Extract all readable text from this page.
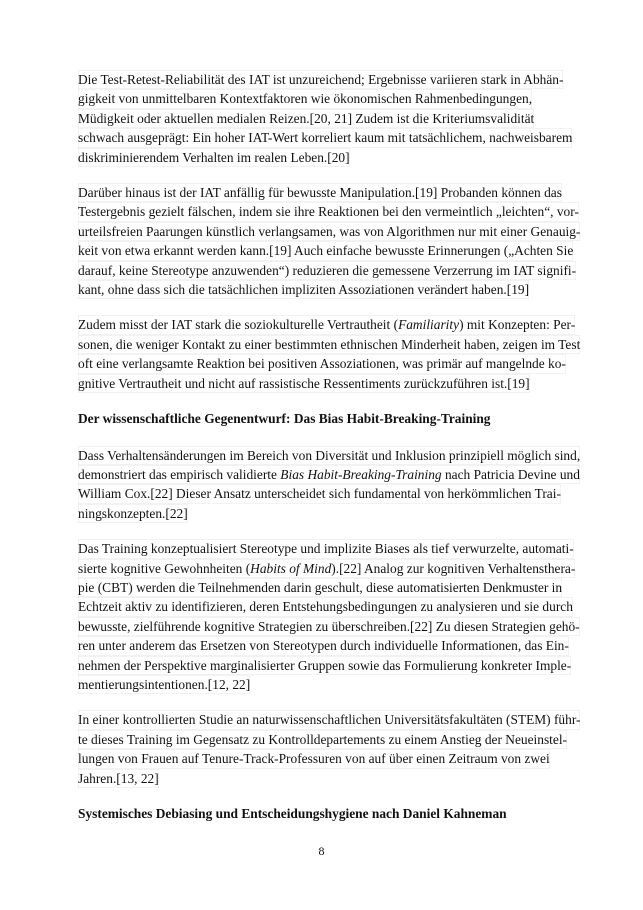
Die Test-Retest-Reliabilität des IAT ist unzureichend; Ergebnisse variieren stark in Abhän-
gigkeit von unmittelbaren Kontextfaktoren wie ökonomischen Rahmenbedingungen,
Müdigkeit oder aktuellen medialen Reizen.[20, 21] Zudem ist die Kriteriumsvalidität
schwach ausgeprägt: Ein hoher IAT-Wert korreliert kaum mit tatsächlichem, nachweisbarem
diskriminierendem Verhalten im realen Leben.[20]
Darüber hinaus ist der IAT anfällig für bewusste Manipulation.[19] Probanden können das
Testergebnis gezielt fälschen, indem sie ihre Reaktionen bei den vermeintlich „leichten“, vor-
urteilsfreien Paarungen künstlich verlangsamen, was von Algorithmen nur mit einer Genauig-
keit von etwa erkannt werden kann.[19] Auch einfache bewusste Erinnerungen („Achten Sie
darauf, keine Stereotype anzuwenden“) reduzieren die gemessene Verzerrung im IAT signifi-
kant, ohne dass sich die tatsächlichen impliziten Assoziationen verändert haben.[19]
Zudem misst der IAT stark die soziokulturelle Vertrautheit (Familiarity) mit Konzepten: Per-
sonen, die weniger Kontakt zu einer bestimmten ethnischen Minderheit haben, zeigen im Test
oft eine verlangsamte Reaktion bei positiven Assoziationen, was primär auf mangelnde ko-
gnitive Vertrautheit und nicht auf rassistische Ressentiments zurückzuführen ist.[19]
Der wissenschaftliche Gegenentwurf: Das Bias Habit-Breaking-Training
Dass Verhaltensänderungen im Bereich von Diversität und Inklusion prinzipiell möglich sind,
demonstriert das empirisch validierte Bias Habit-Breaking-Training nach Patricia Devine und
William Cox.[22] Dieser Ansatz unterscheidet sich fundamental von herkömmlichen Trai-
ningskonzepten.[22]
Das Training konzeptualisiert Stereotype und implizite Biases als tief verwurzelte, automati-
sierte kognitive Gewohnheiten (Habits of Mind).[22] Analog zur kognitiven Verhaltensthera-
pie (CBT) werden die Teilnehmenden darin geschult, diese automatisierten Denkmuster in
Echtzeit aktiv zu identifizieren, deren Entstehungsbedingungen zu analysieren und sie durch
bewusste, zielführende kognitive Strategien zu überschreiben.[22] Zu diesen Strategien gehö-
ren unter anderem das Ersetzen von Stereotypen durch individuelle Informationen, das Ein-
nehmen der Perspektive marginalisierter Gruppen sowie das Formulierung konkreter Imple-
mentierungsintentionen.[12, 22]
In einer kontrollierten Studie an naturwissenschaftlichen Universitätsfakultäten (STEM) führ-
te dieses Training im Gegensatz zu Kontrolldepartements zu einem Anstieg der Neueinstel-
lungen von Frauen auf Tenure-Track-Professuren von auf über einen Zeitraum von zwei
Jahren.[13, 22]
Systemisches Debiasing und Entscheidungshygiene nach Daniel Kahneman
8
